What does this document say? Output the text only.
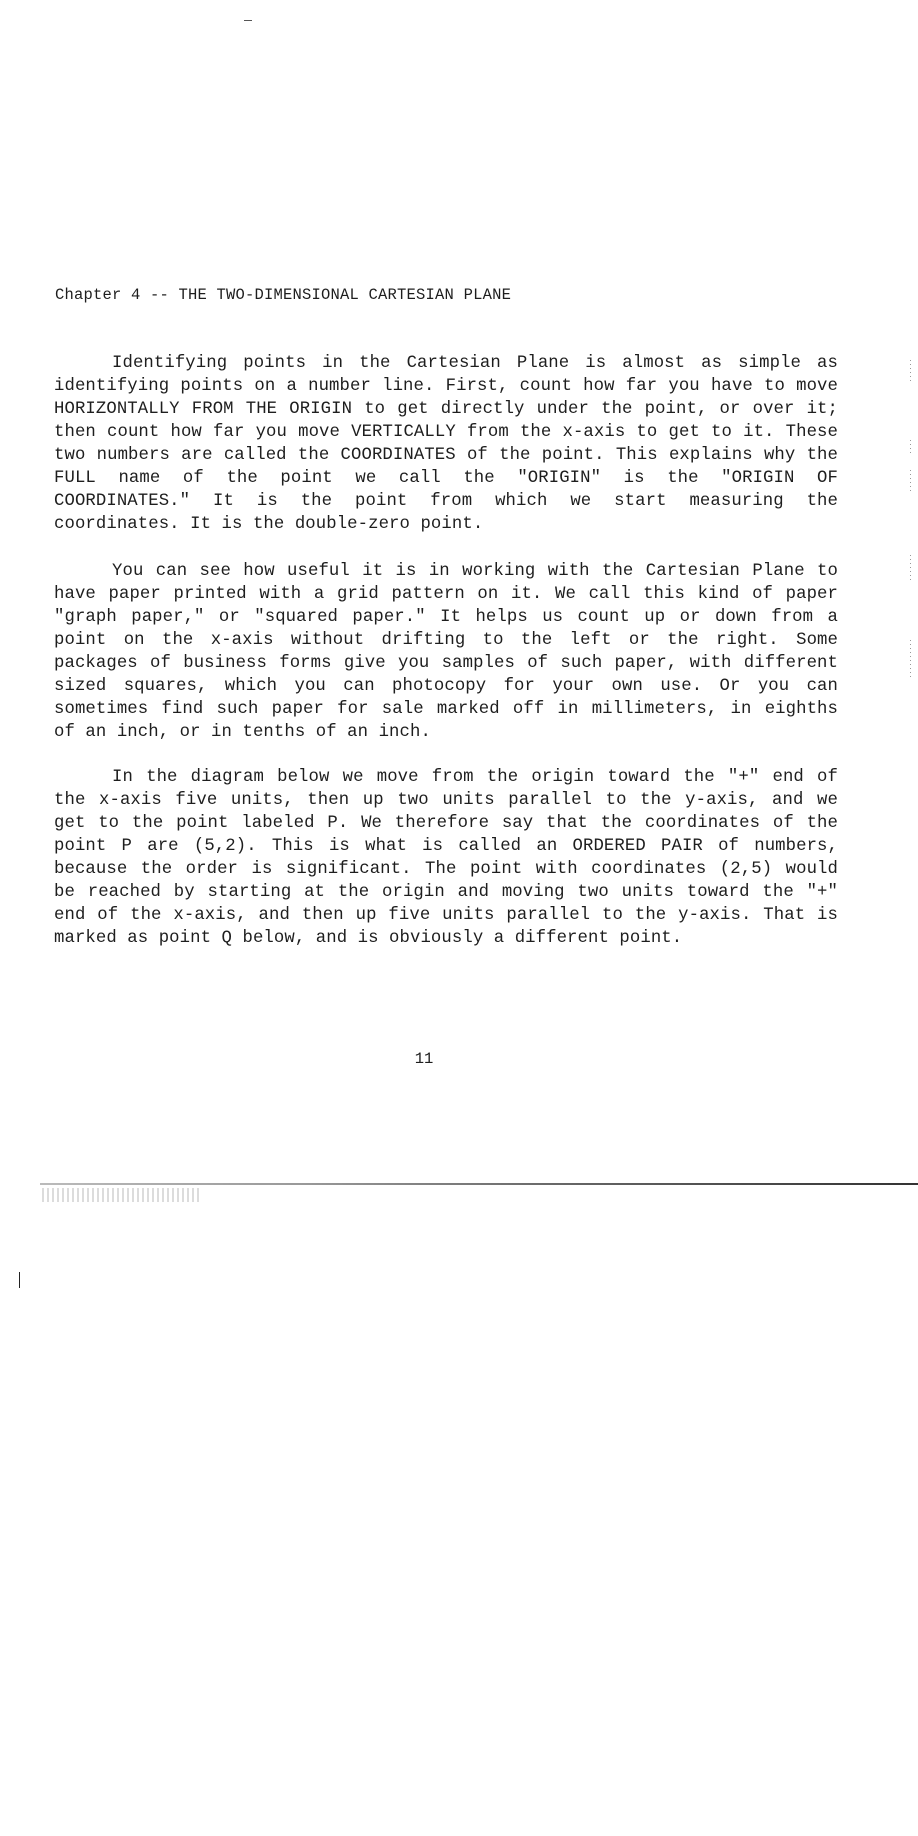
Chapter 4 -- THE TWO-DIMENSIONAL CARTESIAN PLANE

Identifying points in the Cartesian Plane is almost as simple as identifying points on a number line. First, count how far you have to move HORIZONTALLY FROM THE ORIGIN to get directly under the point, or over it; then count how far you move VERTICALLY from the x-axis to get to it. These two numbers are called the COORDINATES of the point. This explains why the FULL name of the point we call the "ORIGIN" is the "ORIGIN OF COORDINATES." It is the point from which we start measuring the coordinates. It is the double-zero point.

You can see how useful it is in working with the Cartesian Plane to have paper printed with a grid pattern on it. We call this kind of paper "graph paper," or "squared paper." It helps us count up or down from a point on the x-axis without drifting to the left or the right. Some packages of business forms give you samples of such paper, with different sized squares, which you can photocopy for your own use. Or you can sometimes find such paper for sale marked off in millimeters, in eighths of an inch, or in tenths of an inch.

In the diagram below we move from the origin toward the "+" end of the x-axis five units, then up two units parallel to the y-axis, and we get to the point labeled P. We therefore say that the coordinates of the point P are (5,2). This is what is called an ORDERED PAIR of numbers, because the order is significant. The point with coordinates (2,5) would be reached by starting at the origin and moving two units toward the "+" end of the x-axis, and then up five units parallel to the y-axis. That is marked as point Q below, and is obviously a different point.

11
